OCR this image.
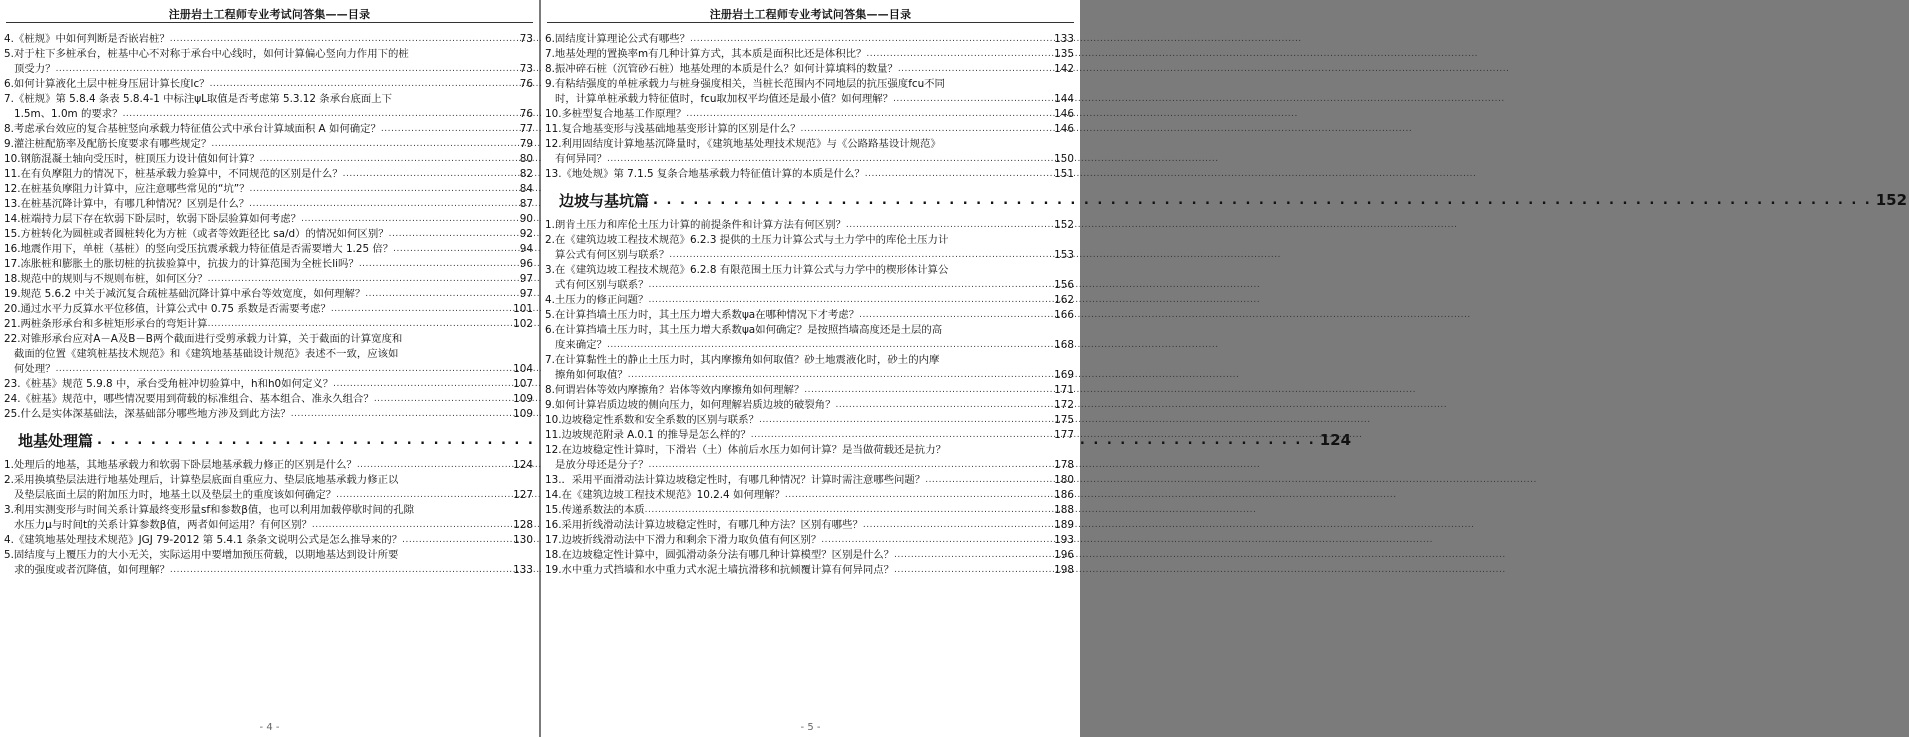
注册岩土工程师专业考试问答集——目录
4. 《桩规》中如何判断是否嵌岩桩？ .....	73
5. 对于柱下多桩承台，桩基中心不对称于承台中心线时，如何计算偏心竖向力作用下的桩
顶受力？ .....	73
6. 如何计算液化土层中桩身压屈计算长度lc？ .....	76
7. 《桩规》第 5.8.4 条表 5.8.4-1 中标注ψL取值是否考虑第 5.3.12 条承台底面上下
1.5m、1.0m 的要求？ .....	76
8. 考虑承台效应的复合基桩竖向承载力特征值公式中承台计算域面积 A 如何确定？ .....	77
9. 灌注桩配筋率及配筋长度要求有哪些规定？ .....	79
10. 钢筋混凝土轴向受压时，桩顶压力设计值如何计算？ .....	80
11. 在有负摩阻力的情况下，桩基承载力验算中，不同规范的区别是什么？ .....	82
12. 在桩基负摩阻力计算中，应注意哪些常见的“坑”？ .....	84
13. 在桩基沉降计算中，有哪几种情况？区别是什么？ .....	87
14. 桩端持力层下存在软弱下卧层时，软弱下卧层验算如何考虑？ .....	90
15. 方桩转化为圆桩或者圆桩转化为方桩（或者等效距径比 sa/d）的情况如何区别？ .....	92
16. 地震作用下，单桩（基桩）的竖向受压抗震承载力特征值是否需要增大 1.25 倍？ .....	94
17. 冻胀桩和膨胀土的胀切桩的抗拔验算中，抗拔力的计算范围为全桩长li吗？ .....	96
18. 规范中的规则与不规则布桩，如何区分？ .....	97
19. 规范 5.6.2 中关于减沉复合疏桩基础沉降计算中承台等效宽度，如何理解？ .....	97
20. 通过水平力反算水平位移值，计算公式中 0.75 系数是否需要考虑？ .....	101
21. 两桩条形承台和多桩矩形承台的弯矩计算 .....	102
22. 对锥形承台应对A－A及B－B两个截面进行受剪承载力计算，关于截面的计算宽度和
截面的位置《建筑桩基技术规范》和《建筑地基基础设计规范》表述不一致，应该如
何处理？ .....	104
23. 《桩基》规范 5.9.8 中，承台受角桩冲切验算中，h和h0如何定义？ .....	107
24. 《桩基》规范中，哪些情况要用到荷载的标准组合、基本组合、准永久组合？ .....	109
25. 什么是实体深基础法，深基础部分哪些地方涉及到此方法？ .....	109
地基处理篇 . . .	124
1. 处理后的地基，其地基承载力和软弱下卧层地基承载力修正的区别是什么？ .....	124
2. 采用换填垫层法进行地基处理后，计算垫层底面自重应力、垫层底地基承载力修正以
及垫层底面土层的附加压力时，地基土以及垫层土的重度该如何确定？ .....	127
3. 利用实测变形与时间关系计算最终变形量sf和参数β值，也可以利用加载停歇时间的孔隙
水压力μ与时间t的关系计算参数β值，两者如何运用？有何区别？ .....	128
4. 《建筑地基处理技术规范》JGJ 79-2012 第 5.4.1 条条文说明公式是怎么推导来的？ .....	130
5. 固结度与上覆压力的大小无关，实际运用中要增加预压荷载，以期地基达到设计所要
求的强度或者沉降值，如何理解？ .....	133
- 4 -
注册岩土工程师专业考试问答集——目录
6. 固结度计算理论公式有哪些？ .....	133
7. 地基处理的置换率m有几种计算方式，其本质是面积比还是体积比？ .....	135
8. 振冲碎石桩（沉管砂石桩）地基处理的本质是什么？如何计算填料的数量？ .....	142
9. 有粘结强度的单桩承载力与桩身强度相关，当桩长范围内不同地层的抗压强度fcu不同
时，计算单桩承载力特征值时，fcu取加权平均值还是最小值？如何理解？ .....	144
10. 多桩型复合地基工作原理？ .....	146
11. 复合地基变形与浅基础地基变形计算的区别是什么？ .....	146
12. 利用固结度计算地基沉降量时，《建筑地基处理技术规范》与《公路路基设计规范》
有何异同？ .....	150
13. 《地处规》第 7.1.5 复条合地基承载力特征值计算的本质是什么？ .....	151
边坡与基坑篇 . . .	152
1. 朗肯土压力和库伦土压力计算的前提条件和计算方法有何区别？ .....	152
2. 在《建筑边坡工程技术规范》6.2.3 提供的土压力计算公式与土力学中的库伦土压力计
算公式有何区别与联系？ .....	153
3. 在《建筑边坡工程技术规范》6.2.8 有限范围土压力计算公式与力学中的楔形体计算公
式有何区别与联系？ .....	156
4. 土压力的修正问题？ .....	162
5. 在计算挡墙土压力时，其土压力增大系数ψa在哪种情况下才考虑？ .....	166
6. 在计算挡墙土压力时，其土压力增大系数ψa如何确定？是按照挡墙高度还是土层的高
度来确定？ .....	168
7. 在计算黏性土的静止土压力时，其内摩擦角如何取值？砂土地震液化时，砂土的内摩
擦角如何取值？ .....	169
8. 何谓岩体等效内摩擦角？岩体等效内摩擦角如何理解？ .....	171
9. 如何计算岩质边坡的侧向压力，如何理解岩质边坡的破裂角？ .....	172
10. 边坡稳定性系数和安全系数的区别与联系？ .....	175
11. 边坡规范附录 A.0.1 的推导是怎么样的？ .....	177
12. 在边坡稳定性计算时，下滑岩（土）体前后水压力如何计算？是当做荷载还是抗力？
是放分母还是分子？ .....	178
13. ．采用平面滑动法计算边坡稳定性时，有哪几种情况？计算时需注意哪些问题？ .....	180
14. 在《建筑边坡工程技术规范》10.2.4 如何理解？ .....	186
15. 传递系数法的本质 .....	188
16. 采用折线滑动法计算边坡稳定性时，有哪几种方法？区别有哪些？ .....	189
17. 边坡折线滑动法中下滑力和剩余下滑力取负值有何区别？ .....	193
18. 在边坡稳定性计算中，圆弧滑动条分法有哪几种计算模型？区别是什么？ .....	196
19. 水中重力式挡墙和水中重力式水泥土墙抗滑移和抗倾覆计算有何异同点？ .....	198
- 5 -
